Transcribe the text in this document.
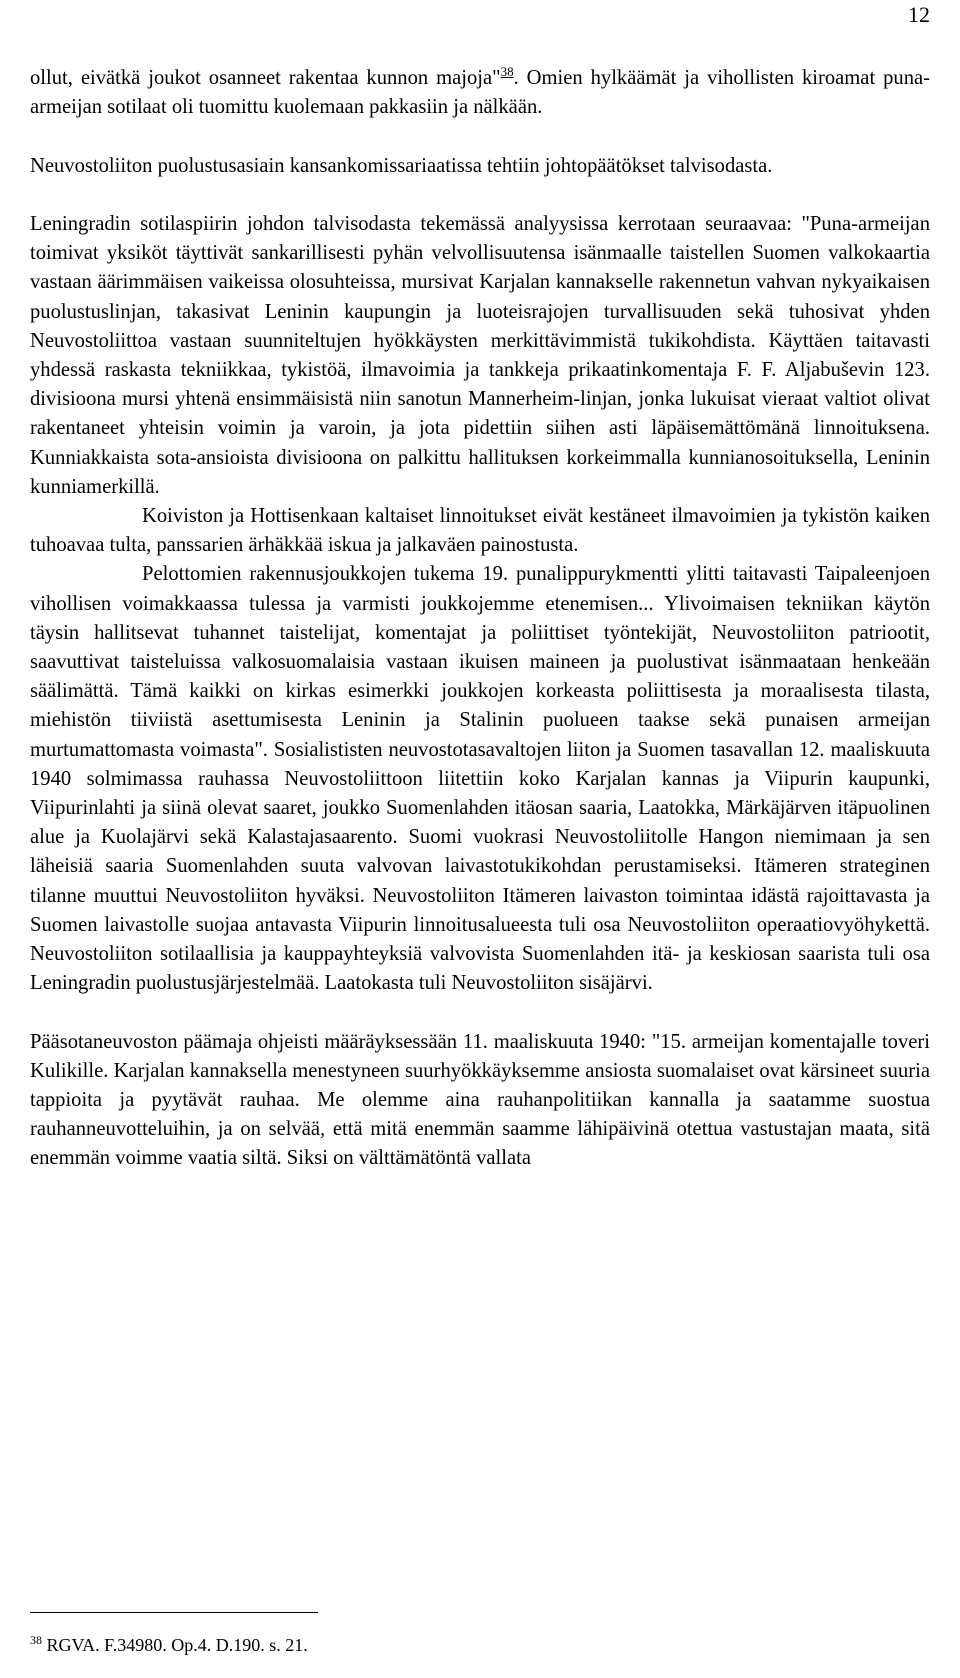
12

ollut, eivätkä joukot osanneet rakentaa kunnon majoja"$^{38}$. Omien hylkäämät ja vihollisten kiroamat puna-armeijan sotilaat oli tuomittu kuolemaan pakkasiin ja nälkään.

Neuvostoliiton puolustusasiain kansankomissariaatissa tehtiin johtopäätökset talvisodasta.

Leningradin sotilaspiirin johdon talvisodasta tekemässä analyysissa kerrotaan seuraavaa: "Puna-armeijan toimivat yksiköt täyttivät sankarillisesti pyhän velvollisuutensa isänmaalle taistellen Suomen valkokaartia vastaan äärimmäisen vaikeissa olosuhteissa, mursivat Karjalan kannakselle rakennetun vahvan nykyaikaisen puolustuslinjan, takasivat Leninin kaupungin ja luoteisrajojen turvallisuuden sekä tuhosivat yhden Neuvostoliittoa vastaan suunniteltujen hyökkäysten merkittävimmistä tukikohdista. Käyttäen taitavasti yhdessä raskasta tekniikkaa, tykistöä, ilmavoimia ja tankkeja prikaatinkomentaja F. F. Aljabuševin 123. divisioona mursi yhtenä ensimmäisistä niin sanotun Mannerheim-linjan, jonka lukuisat vieraat valtiot olivat rakentaneet yhteisin voimin ja varoin, ja jota pidettiin siihen asti läpäisemättömänä linnoituksena. Kunniakkaista sota-ansioista divisioona on palkittu hallituksen korkeimmalla kunnianosoituksella, Leninin kunniamerkillä.

Koiviston ja Hottisenkaan kaltaiset linnoitukset eivät kestäneet ilmavoimien ja tykistön kaiken tuhoavaa tulta, panssarien ärhäkkää iskua ja jalkaväen painostusta.

Pelottomien rakennusjoukkojen tukema 19. punalippurykmentti ylitti taitavasti Taipaleenjoen vihollisen voimakkaassa tulessa ja varmisti joukkojemme etenemisen... Ylivoimaisen tekniikan käytön täysin hallitsevat tuhannet taistelijat, komentajat ja poliittiset työntekijät, Neuvostoliiton patriootit, saavuttivat taisteluissa valkosuomalaisia vastaan ikuisen maineen ja puolustivat isänmaataan henkeään säälimättä. Tämä kaikki on kirkas esimerkki joukkojen korkeasta poliittisesta ja moraalisesta tilasta, miehistön tiiviistä asettumisesta Leninin ja Stalinin puolueen taakse sekä punaisen armeijan murtumattomasta voimasta". Sosialististen neuvostotasavaltojen liiton ja Suomen tasavallan 12. maaliskuuta 1940 solmimassa rauhassa Neuvostoliittoon liitettiin koko Karjalan kannas ja Viipurin kaupunki, Viipurinlahti ja siinä olevat saaret, joukko Suomenlahden itäosan saaria, Laatokka, Märkäjärven itäpuolinen alue ja Kuolajärvi sekä Kalastajasaarento. Suomi vuokrasi Neuvostoliitolle Hangon niemimaan ja sen läheisiä saaria Suomenlahden suuta valvovan laivastotukikohdan perustamiseksi. Itämeren strateginen tilanne muuttui Neuvostoliiton hyväksi. Neuvostoliiton Itämeren laivaston toimintaa idästä rajoittavasta ja Suomen laivastolle suojaa antavasta Viipurin linnoitusalueesta tuli osa Neuvostoliiton operaatiovyöhykettä. Neuvostoliiton sotilaallisia ja kauppayhteyksiä valvovista Suomenlahden itä- ja keskiosan saarista tuli osa Leningradin puolustusjärjestelmää. Laatokasta tuli Neuvostoliiton sisäjärvi.

Pääsotaneuvoston päämaja ohjeisti määräyksessään 11. maaliskuuta 1940: "15. armeijan komentajalle toveri Kulikille. Karjalan kannaksella menestyneen suurhyökkäyksemme ansiosta suomalaiset ovat kärsineet suuria tappioita ja pyytävät rauhaa. Me olemme aina rauhanpolitiikan kannalla ja saatamme suostua rauhanneuvotteluihin, ja on selvää, että mitä enemmän saamme lähipäivinä otettua vastustajan maata, sitä enemmän voimme vaatia siltä. Siksi on välttämätöntä vallata

$^{38}$ RGVA. F.34980. Op.4. D.190. s. 21.
